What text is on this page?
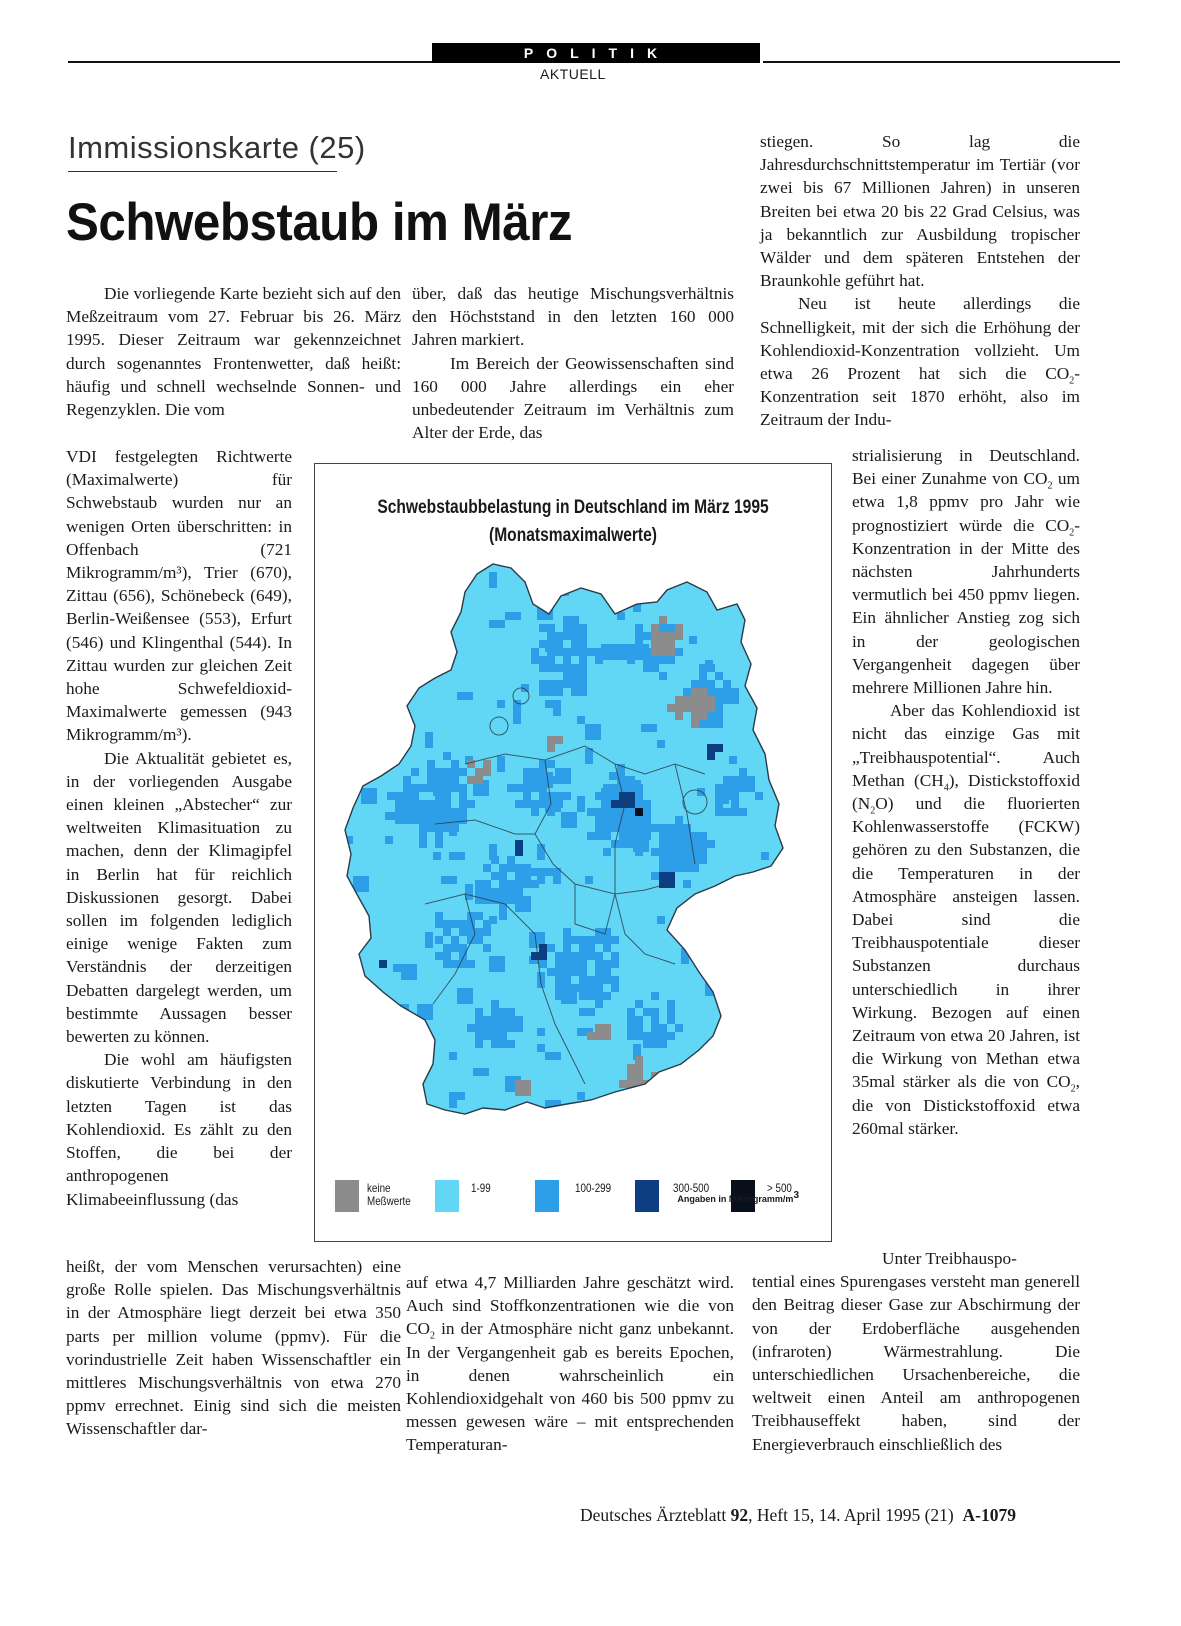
POLITIK
AKTUELL
Immissionskarte (25)
Schwebstaub im März

Die vorliegende Karte bezieht sich auf den Meßzeitraum vom 27. Februar bis 26. März 1995. Dieser Zeitraum war gekennzeichnet durch sogenanntes Frontenwetter, daß heißt: häufig und schnell wechselnde Sonnen- und Regenzyklen. Die vom

VDI festgelegten Richtwerte (Maximalwerte) für Schwebstaub wurden nur an wenigen Orten überschritten: in Offenbach (721 Mikrogramm/m³), Trier (670), Zittau (656), Schönebeck (649), Berlin-Weißensee (553), Erfurt (546) und Klingenthal (544). In Zittau wurden zur gleichen Zeit hohe Schwefeldioxid-Maximalwerte gemessen (943 Mikrogramm/m³).

Die Aktualität gebietet es, in der vorliegenden Ausgabe einen kleinen „Abstecher“ zur weltweiten Klimasituation zu machen, denn der Klimagipfel in Berlin hat für reichlich Diskussionen gesorgt. Dabei sollen im folgenden lediglich einige wenige Fakten zum Verständnis der derzeitigen Debatten dargelegt werden, um bestimmte Aussagen besser bewerten zu können.

Die wohl am häufigsten diskutierte Verbindung in den letzten Tagen ist das Kohlendioxid. Es zählt zu den Stoffen, die bei der anthropogenen Klimabeeinflussung (das

heißt, der vom Menschen verursachten) eine große Rolle spielen. Das Mischungsverhältnis in der Atmosphäre liegt derzeit bei etwa 350 parts per million volume (ppmv). Für die vorindustrielle Zeit haben Wissenschaftler ein mittleres Mischungsverhältnis von etwa 270 ppmv errechnet. Einig sind sich die meisten Wissenschaftler dar-

über, daß das heutige Mischungsverhältnis den Höchststand in den letzten 160 000 Jahren markiert.

Im Bereich der Geowissenschaften sind 160 000 Jahre allerdings ein eher unbedeutender Zeitraum im Verhältnis zum Alter der Erde, das

auf etwa 4,7 Milliarden Jahre geschätzt wird. Auch sind Stoffkonzentrationen wie die von $CO_2$ in der Atmosphäre nicht ganz unbekannt. In der Vergangenheit gab es bereits Epochen, in denen wahrscheinlich ein Kohlendioxidgehalt von 460 bis 500 ppmv zu messen gewesen wäre – mit entsprechenden Temperaturan-

stiegen. So lag die Jahresdurchschnittstemperatur im Tertiär (vor zwei bis 67 Millionen Jahren) in unseren Breiten bei etwa 20 bis 22 Grad Celsius, was ja bekanntlich zur Ausbildung tropischer Wälder und dem späteren Entstehen der Braunkohle geführt hat.

Neu ist heute allerdings die Schnelligkeit, mit der sich die Erhöhung der Kohlendioxid-Konzentration vollzieht. Um etwa 26 Prozent hat sich die $CO_2$-Konzentration seit 1870 erhöht, also im Zeitraum der Indu-

strialisierung in Deutschland. Bei einer Zunahme von $CO_2$ um etwa 1,8 ppmv pro Jahr wie prognostiziert würde die $CO_2$-Konzentration in der Mitte des nächsten Jahrhunderts vermutlich bei 450 ppmv liegen. Ein ähnlicher Anstieg zog sich in der geologischen Vergangenheit dagegen über mehrere Millionen Jahre hin.

Aber das Kohlendioxid ist nicht das einzige Gas mit „Treibhauspotential“. Auch Methan $(CH_4)$, Distickstoffoxid $(N_2O)$ und die fluorierten Kohlenwasserstoffe (FCKW) gehören zu den Substanzen, die die Temperaturen in der Atmosphäre ansteigen lassen. Dabei sind die Treibhauspotentiale dieser Substanzen durchaus unterschiedlich in ihrer Wirkung. Bezogen auf einen Zeitraum von etwa 20 Jahren, ist die Wirkung von Methan etwa 35mal stärker als die von $CO_2$, die von Distickstoffoxid etwa 260mal stärker.

Unter Treibhauspo-

tential eines Spurengases versteht man generell den Beitrag dieser Gase zur Abschirmung der von der Erdoberfläche ausgehenden (infraroten) Wärmestrahlung. Die unterschiedlichen Ursachenbereiche, die weltweit einen Anteil am anthropogenen Treibhauseffekt haben, sind der Energieverbrauch einschließlich des

Schwebstaubbelastung in Deutschland im März 1995
(Monatsmaximalwerte)
keine
Meßwerte
1-99	100-299	300-500	> 500
Angaben in Mikrogramm/$m^3$
Deutsches Ärzteblatt 92, Heft 15, 14. April 1995 (21) A-1079
